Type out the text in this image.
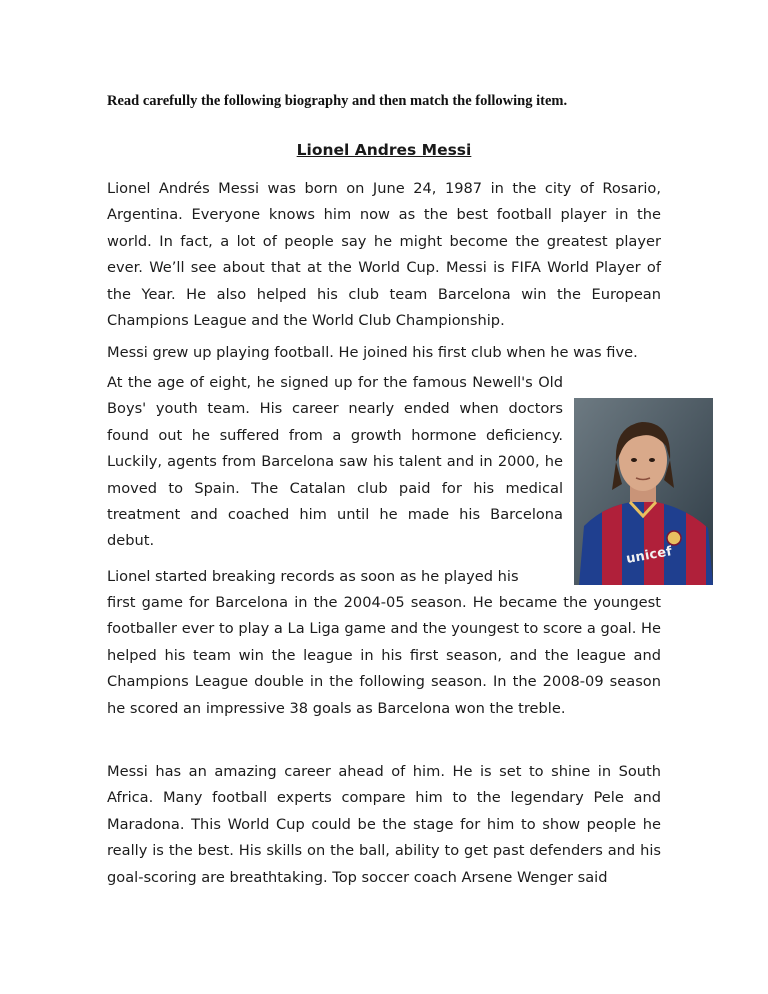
Read carefully the following biography and then match the following item.
Lionel Andres Messi

Lionel Andrés Messi was born on June 24, 1987 in the city of Rosario, Argentina. Everyone knows him now as the best football player in the world. In fact, a lot of people say he might become the greatest player ever. We’ll see about that at the World Cup. Messi is FIFA World Player of the Year. He also helped his club team Barcelona win the European Champions League and the World Club Championship.

Messi grew up playing football. He joined his first club when he was five.

At the age of eight, he signed up for the famous Newell's Old Boys' youth team. His career nearly ended when doctors found out he suffered from a growth hormone deficiency. Luckily, agents from Barcelona saw his talent and in 2000, he moved to Spain. The Catalan club paid for his medical treatment and coached him until he made his Barcelona debut.

Lionel started breaking records as soon as he played his

first game for Barcelona in the 2004-05 season. He became the youngest footballer ever to play a La Liga game and the youngest to score a goal. He helped his team win the league in his first season, and the league and Champions League double in the following season. In the 2008-09 season he scored an impressive 38 goals as Barcelona won the treble.

Messi has an amazing career ahead of him. He is set to shine in South Africa. Many football experts compare him to the legendary Pele and Maradona. This World Cup could be the stage for him to show people he really is the best. His skills on the ball, ability to get past defenders and his goal-scoring are breathtaking. Top soccer coach Arsene Wenger said

unicef
